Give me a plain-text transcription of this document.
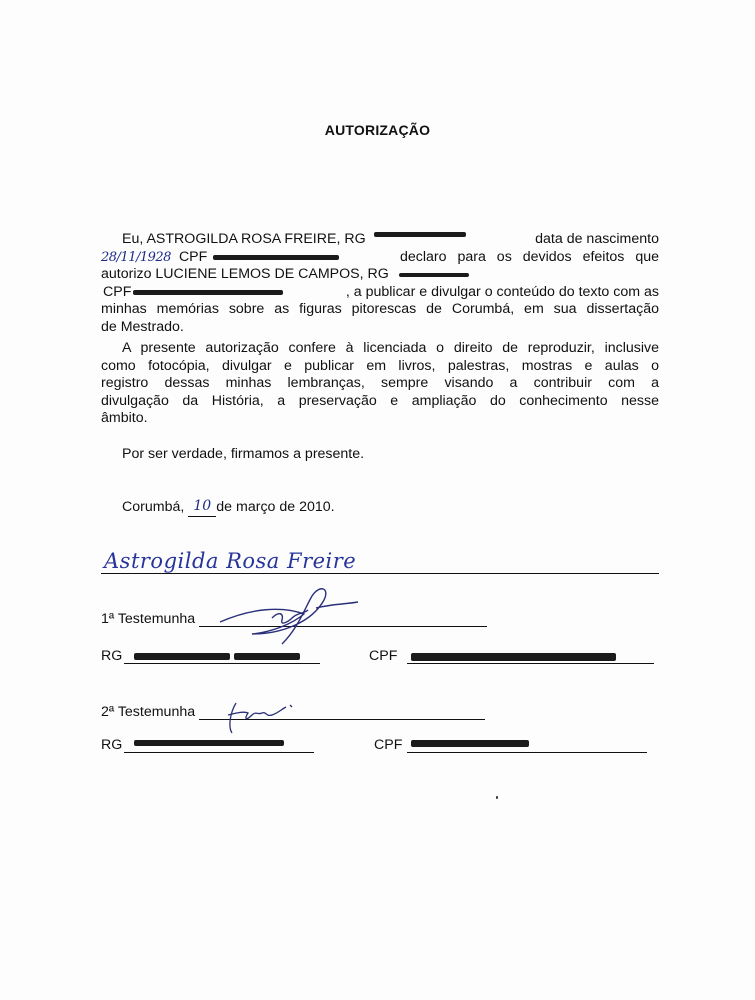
AUTORIZAÇÃO
Eu, ASTROGILDA ROSA FREIRE, RG	data de nascimento
28/11/1928 CPF	declaro para os devidos efeitos que
autorizo LUCIENE LEMOS DE CAMPOS, RG
CPF	, a publicar e divulgar o conteúdo do texto com as
minhas memórias sobre as figuras pitorescas de Corumbá, em sua dissertação
de Mestrado.
A presente autorização confere à licenciada o direito de reproduzir, inclusive
como fotocópia, divulgar e publicar em livros, palestras, mostras e aulas o
registro dessas minhas lembranças, sempre visando a contribuir com a
divulgação da História, a preservação e ampliação do conhecimento nesse
âmbito.
Por ser verdade, firmamos a presente.
Corumbá, 10 de março de 2010.
Astrogilda Rosa Freire
1ª Testemunha
RG	CPF
2ª Testemunha
RG	CPF
